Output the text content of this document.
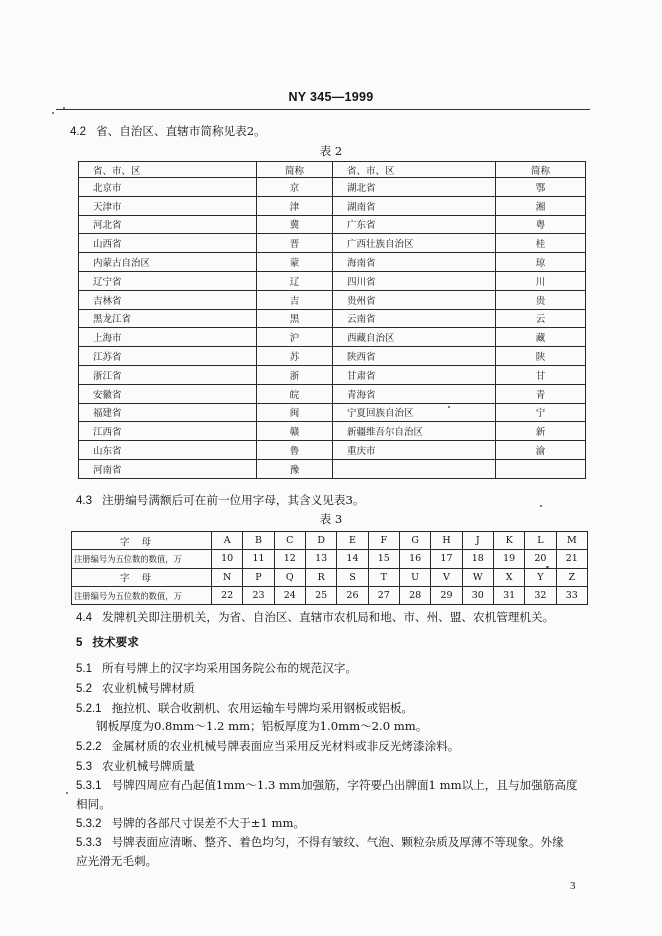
NY 345—1999
4.2 省、自治区、直辖市简称见表2。
表 2
省、市、区	简称	省、市、区	简称
北京市	京	湖北省	鄂
天津市	津	湖南省	湘
河北省	冀	广东省	粤
山西省	晋	广西壮族自治区	桂
内蒙古自治区	蒙	海南省	琼
辽宁省	辽	四川省	川
吉林省	吉	贵州省	贵
黑龙江省	黑	云南省	云
上海市	沪	西藏自治区	藏
江苏省	苏	陕西省	陕
浙江省	浙	甘肃省	甘
安徽省	皖	青海省	青
福建省	闽	宁夏回族自治区	宁
江西省	赣	新疆维吾尔自治区	新
山东省	鲁	重庆市	渝
河南省	豫		
4.3 注册编号满额后可在前一位用字母，其含义见表3。
表 3
字母	A	B	C	D	E	F	G	H	J	K	L	M
注册编号为五位数的数值，万	10	11	12	13	14	15	16	17	18	19	20	21
字母	N	P	Q	R	S	T	U	V	W	X	Y	Z
注册编号为五位数的数值，万	22	23	24	25	26	27	28	29	30	31	32	33
4.4 发牌机关即注册机关，为省、自治区、直辖市农机局和地、市、州、盟、农机管理机关。
5 技术要求
5.1 所有号牌上的汉字均采用国务院公布的规范汉字。
5.2 农业机械号牌材质
5.2.1 拖拉机、联合收割机、农用运输车号牌均采用钢板或铝板。
钢板厚度为0.8mm～1.2 mm；铝板厚度为1.0mm～2.0 mm。
5.2.2 金属材质的农业机械号牌表面应当采用反光材料或非反光烤漆涂料。
5.3 农业机械号牌质量
5.3.1 号牌四周应有凸起值1mm～1.3 mm加强筋，字符要凸出牌面1 mm以上，且与加强筋高度
相同。
5.3.2 号牌的各部尺寸误差不大于±1 mm。
5.3.3 号牌表面应清晰、整齐、着色均匀，不得有皱纹、气泡、颗粒杂质及厚薄不等现象。外缘
应光滑无毛刺。
3
